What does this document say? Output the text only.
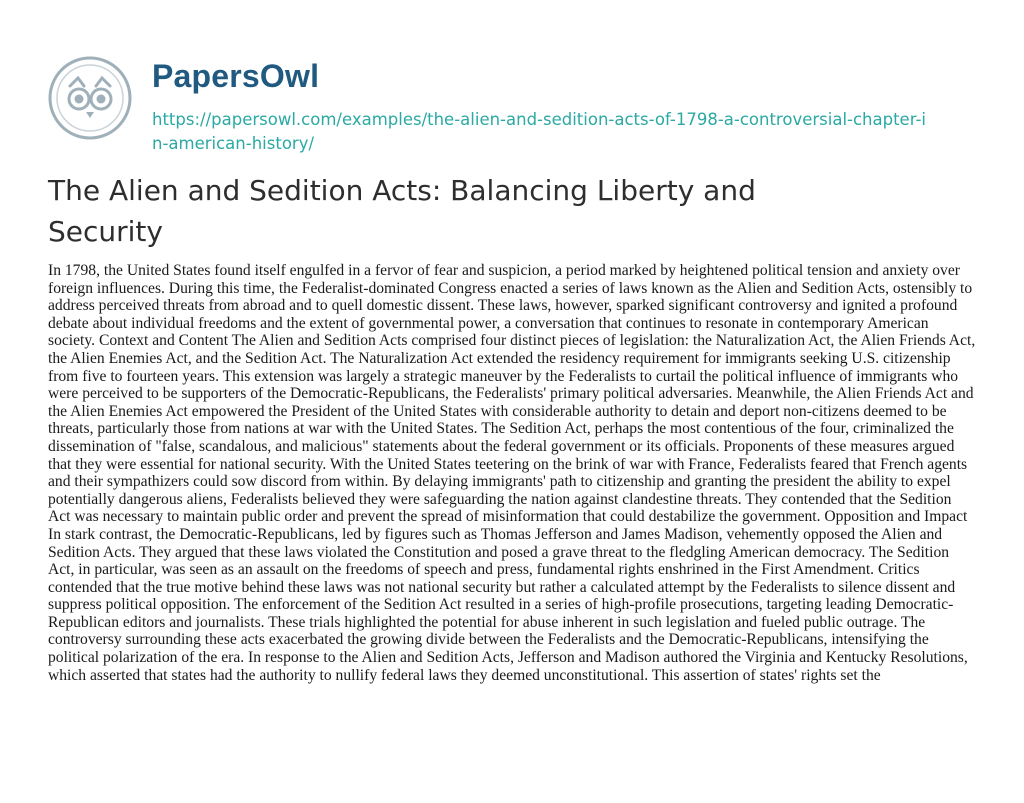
PapersOwl
https://papersowl.com/examples/the-alien-and-sedition-acts-of-1798-a-controversial-chapter-in-american-history/
The Alien and Sedition Acts: Balancing Liberty and Security

In 1798, the United States found itself engulfed in a fervor of fear and suspicion, a period marked by heightened political tension and anxiety over foreign influences. During this time, the Federalist-dominated Congress enacted a series of laws known as the Alien and Sedition Acts, ostensibly to address perceived threats from abroad and to quell domestic dissent. These laws, however, sparked significant controversy and ignited a profound debate about individual freedoms and the extent of governmental power, a conversation that continues to resonate in contemporary American society. Context and Content The Alien and Sedition Acts comprised four distinct pieces of legislation: the Naturalization Act, the Alien Friends Act, the Alien Enemies Act, and the Sedition Act. The Naturalization Act extended the residency requirement for immigrants seeking U.S. citizenship from five to fourteen years. This extension was largely a strategic maneuver by the Federalists to curtail the political influence of immigrants who were perceived to be supporters of the Democratic-Republicans, the Federalists' primary political adversaries. Meanwhile, the Alien Friends Act and the Alien Enemies Act empowered the President of the United States with considerable authority to detain and deport non-citizens deemed to be threats, particularly those from nations at war with the United States. The Sedition Act, perhaps the most contentious of the four, criminalized the dissemination of "false, scandalous, and malicious" statements about the federal government or its officials. Proponents of these measures argued that they were essential for national security. With the United States teetering on the brink of war with France, Federalists feared that French agents and their sympathizers could sow discord from within. By delaying immigrants' path to citizenship and granting the president the ability to expel potentially dangerous aliens, Federalists believed they were safeguarding the nation against clandestine threats. They contended that the Sedition Act was necessary to maintain public order and prevent the spread of misinformation that could destabilize the government. Opposition and Impact In stark contrast, the Democratic-Republicans, led by figures such as Thomas Jefferson and James Madison, vehemently opposed the Alien and Sedition Acts. They argued that these laws violated the Constitution and posed a grave threat to the fledgling American democracy. The Sedition Act, in particular, was seen as an assault on the freedoms of speech and press, fundamental rights enshrined in the First Amendment. Critics contended that the true motive behind these laws was not national security but rather a calculated attempt by the Federalists to silence dissent and suppress political opposition. The enforcement of the Sedition Act resulted in a series of high-profile prosecutions, targeting leading Democratic-Republican editors and journalists. These trials highlighted the potential for abuse inherent in such legislation and fueled public outrage. The controversy surrounding these acts exacerbated the growing divide between the Federalists and the Democratic-Republicans, intensifying the political polarization of the era. In response to the Alien and Sedition Acts, Jefferson and Madison authored the Virginia and Kentucky Resolutions, which asserted that states had the authority to nullify federal laws they deemed unconstitutional. This assertion of states' rights set the
